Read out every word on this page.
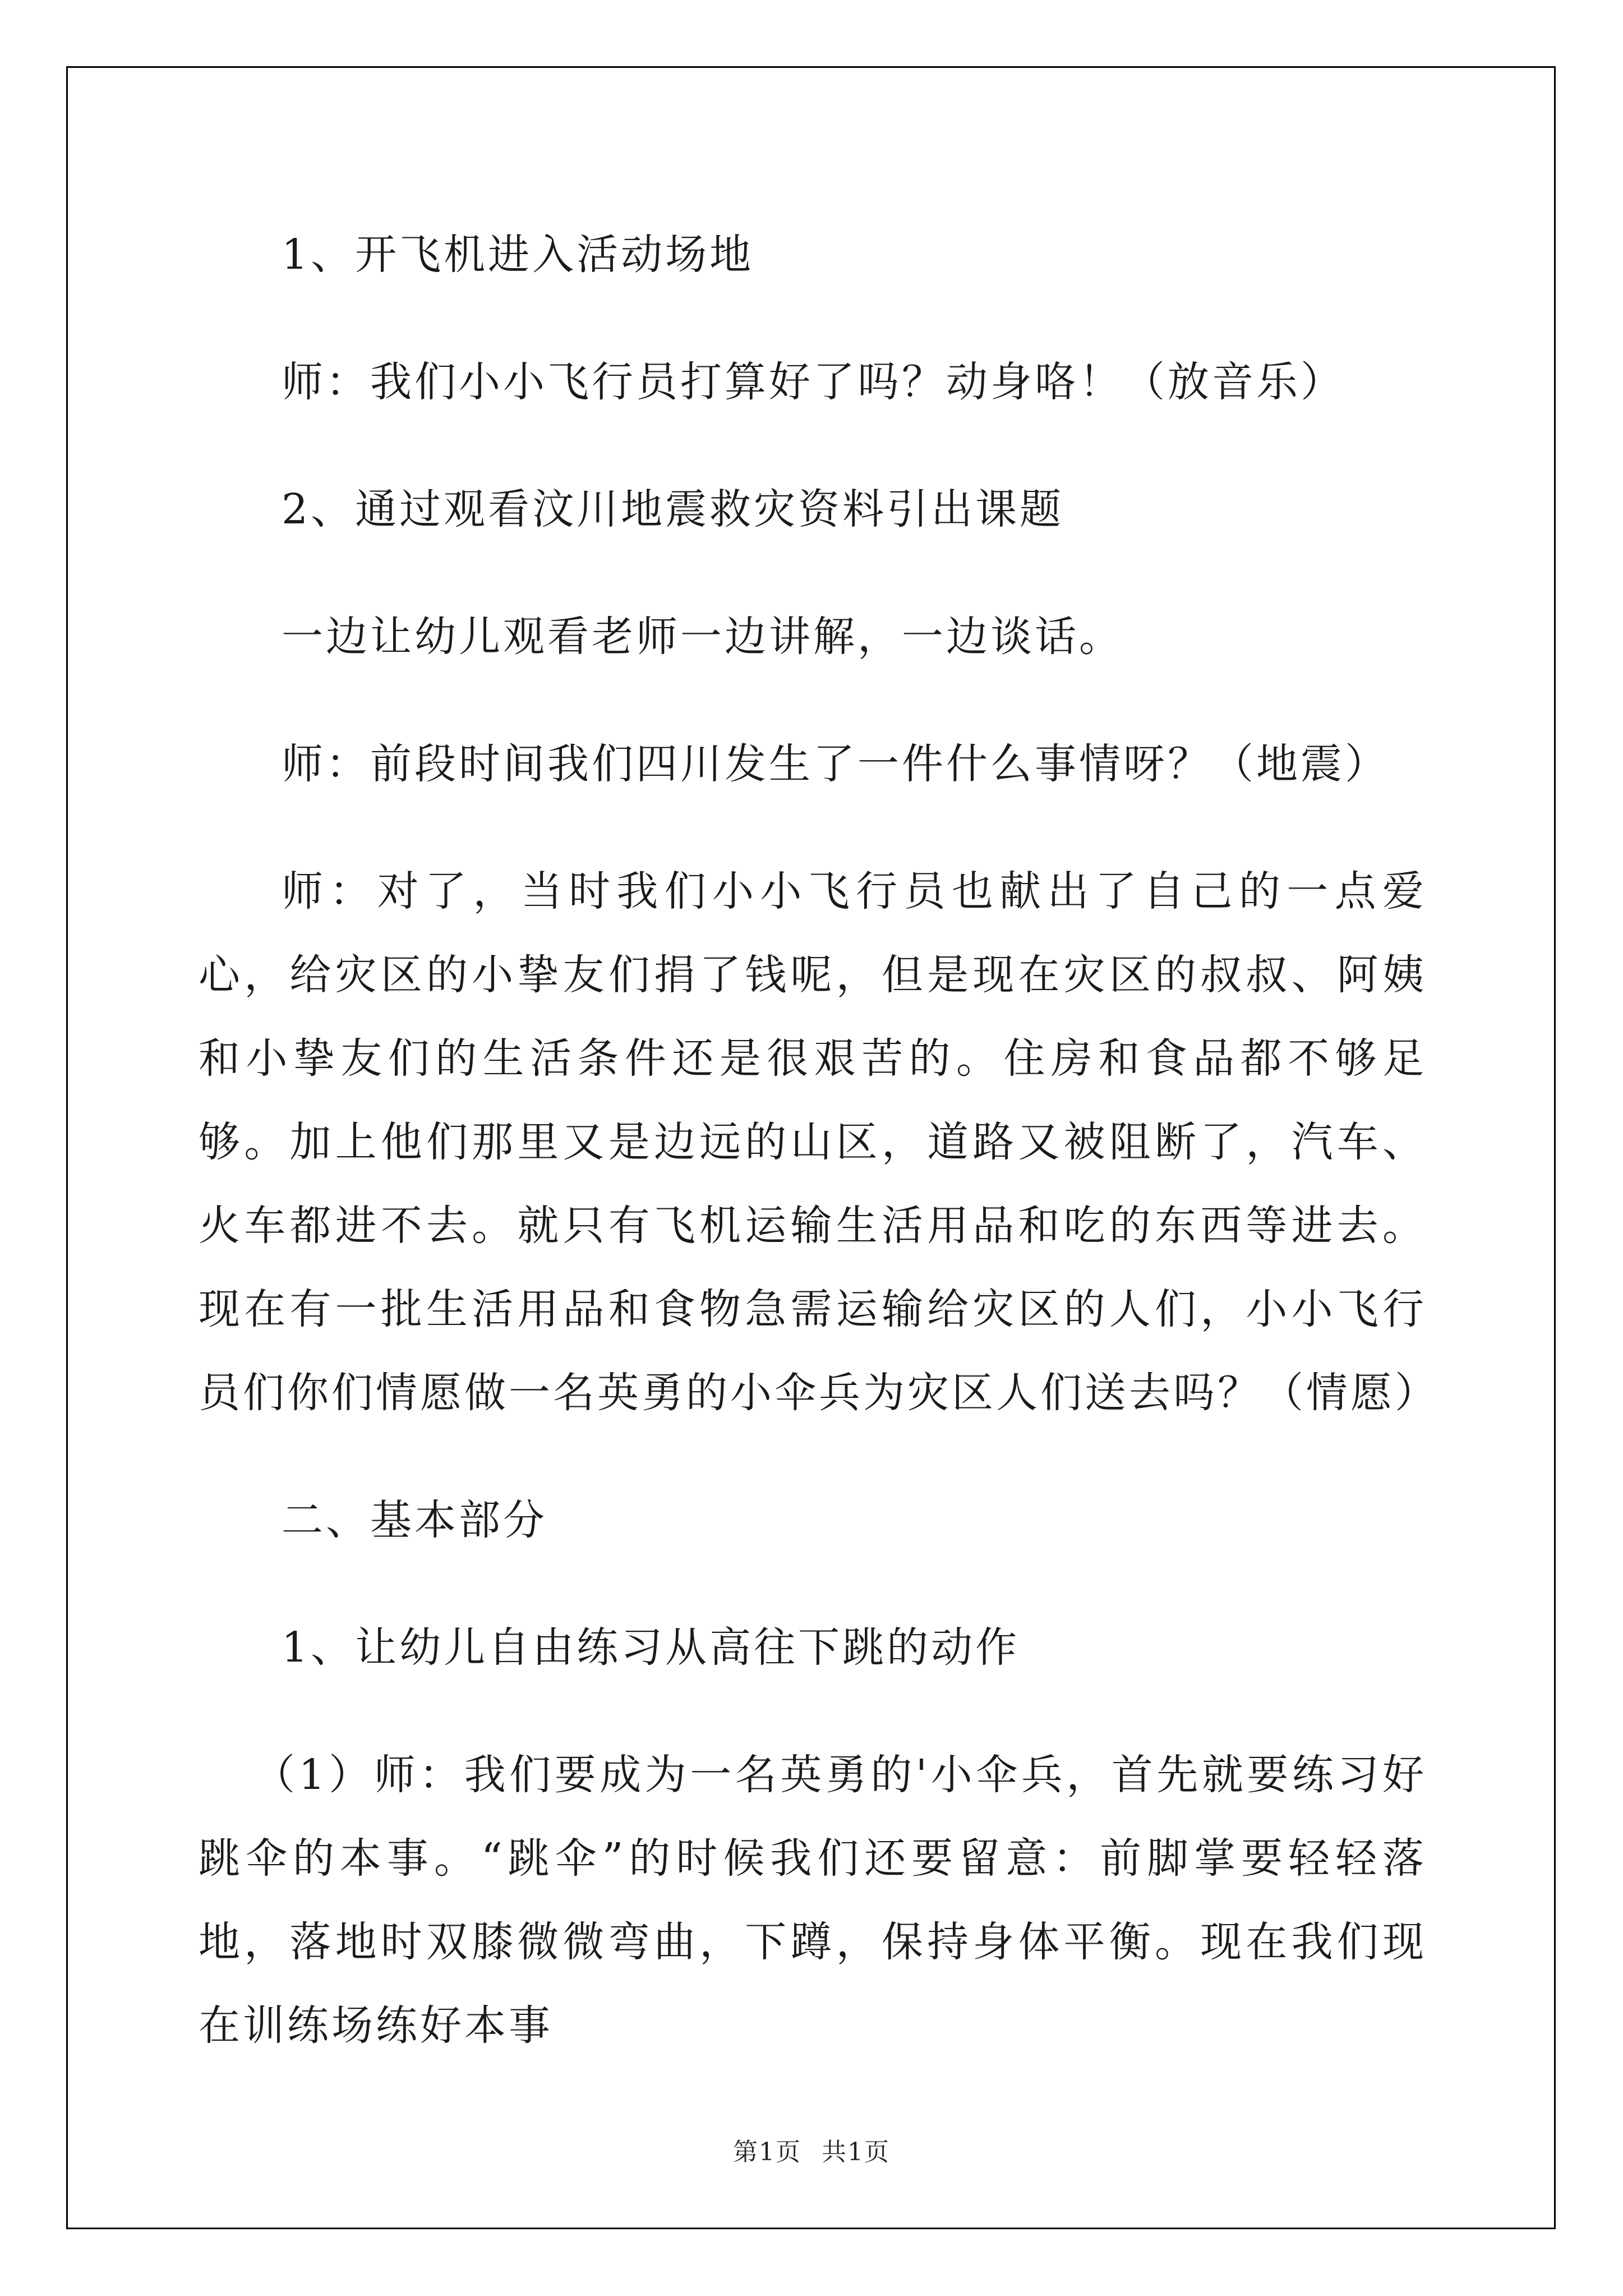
1、开飞机进入活动场地

师：我们小小飞行员打算好了吗？动身咯！（放音乐）

2、通过观看汶川地震救灾资料引出课题

一边让幼儿观看老师一边讲解，一边谈话。

师：前段时间我们四川发生了一件什么事情呀？（地震）

师：对了，当时我们小小飞行员也献出了自己的一点爱心，给灾区的小挚友们捐了钱呢，但是现在灾区的叔叔、阿姨和小挚友们的生活条件还是很艰苦的。住房和食品都不够足够。加上他们那里又是边远的山区，道路又被阻断了，汽车、火车都进不去。就只有飞机运输生活用品和吃的东西等进去。现在有一批生活用品和食物急需运输给灾区的人们，小小飞行员们你们情愿做一名英勇的小伞兵为灾区人们送去吗？（情愿）

二、基本部分

1、让幼儿自由练习从高往下跳的动作

（1）师：我们要成为一名英勇的'小伞兵，首先就要练习好跳伞的本事。“跳伞”的时候我们还要留意：前脚掌要轻轻落地，落地时双膝微微弯曲，下蹲，保持身体平衡。现在我们现在训练场练好本事

第1页 共1页
